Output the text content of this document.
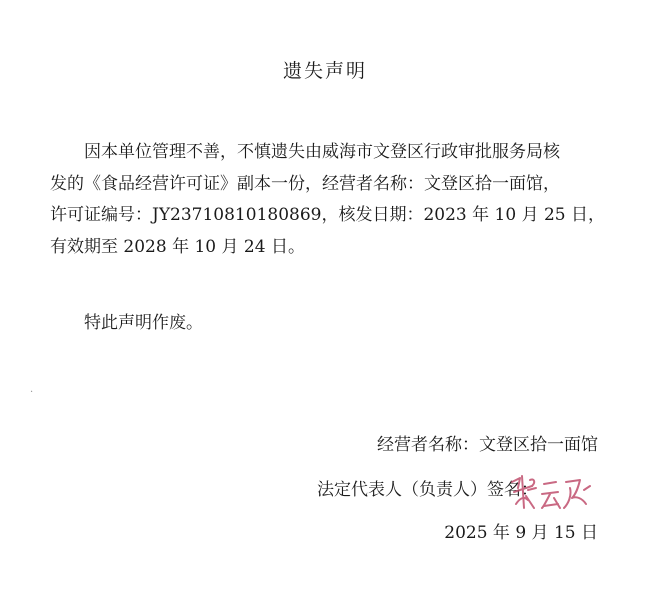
遗失声明

因本单位管理不善，不慎遗失由威海市文登区行政审批服务局核

发的《食品经营许可证》副本一份，经营者名称：文登区拾一面馆，

许可证编号：JY23710810180869，核发日期：2023 年 10 月 25 日，

有效期至 2028 年 10 月 24 日。

特此声明作废。
·
经营者名称：文登区拾一面馆
法定代表人（负责人）签名：
2025 年 9 月 15 日
